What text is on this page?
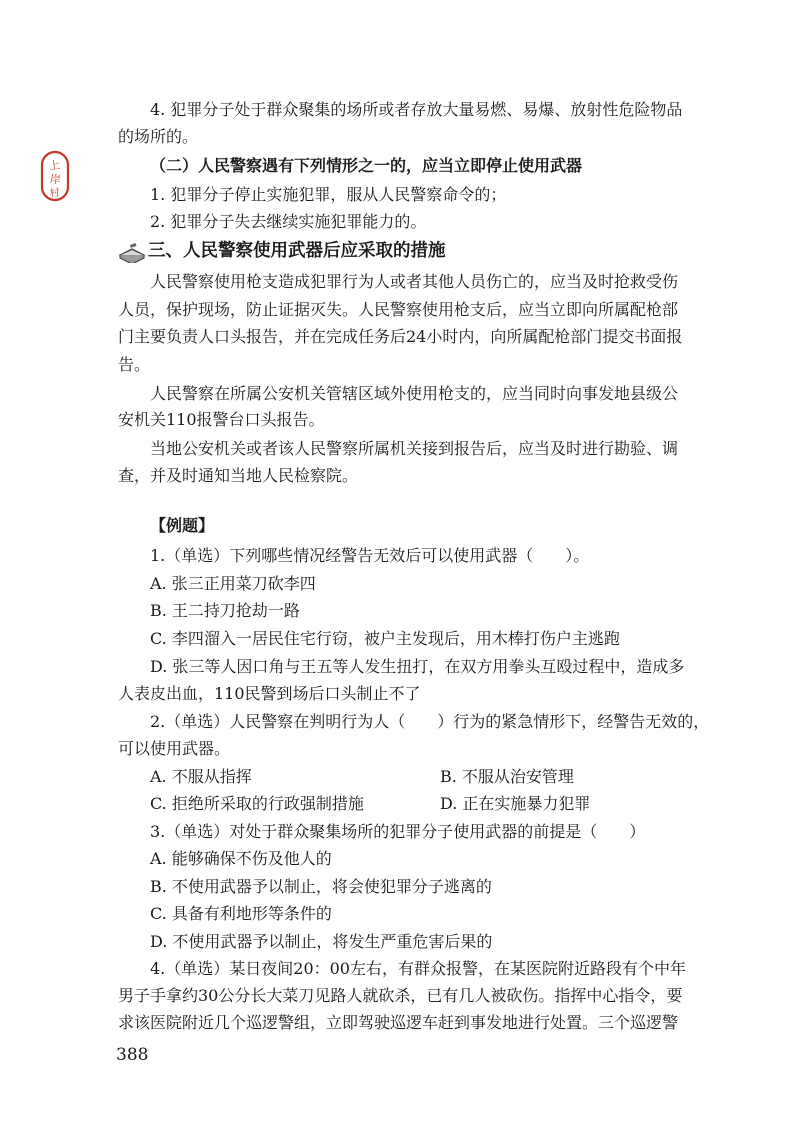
上
岸
村

4. 犯罪分子处于群众聚集的场所或者存放大量易燃、易爆、放射性危险物品

的场所的。

（二）人民警察遇有下列情形之一的，应当立即停止使用武器

1. 犯罪分子停止实施犯罪，服从人民警察命令的；

2. 犯罪分子失去继续实施犯罪能力的。

三、人民警察使用武器后应采取的措施

人民警察使用枪支造成犯罪行为人或者其他人员伤亡的，应当及时抢救受伤

人员，保护现场，防止证据灭失。人民警察使用枪支后，应当立即向所属配枪部

门主要负责人口头报告，并在完成任务后24小时内，向所属配枪部门提交书面报

告。

人民警察在所属公安机关管辖区域外使用枪支的，应当同时向事发地县级公

安机关110报警台口头报告。

当地公安机关或者该人民警察所属机关接到报告后，应当及时进行勘验、调

查，并及时通知当地人民检察院。

【例题】

1.（单选）下列哪些情况经警告无效后可以使用武器（　　）。

A. 张三正用菜刀砍李四

B. 王二持刀抢劫一路

C. 李四溜入一居民住宅行窃，被户主发现后，用木棒打伤户主逃跑

D. 张三等人因口角与王五等人发生扭打，在双方用拳头互殴过程中，造成多

人表皮出血，110民警到场后口头制止不了

2.（单选）人民警察在判明行为人（　　）行为的紧急情形下，经警告无效的，

可以使用武器。

A. 不服从指挥	B. 不服从治安管理

C. 拒绝所采取的行政强制措施	D. 正在实施暴力犯罪

3.（单选）对处于群众聚集场所的犯罪分子使用武器的前提是（　　）

A. 能够确保不伤及他人的

B. 不使用武器予以制止，将会使犯罪分子逃离的

C. 具备有利地形等条件的

D. 不使用武器予以制止，将发生严重危害后果的

4.（单选）某日夜间20：00左右，有群众报警，在某医院附近路段有个中年

男子手拿约30公分长大菜刀见路人就砍杀，已有几人被砍伤。指挥中心指令，要

求该医院附近几个巡逻警组，立即驾驶巡逻车赶到事发地进行处置。三个巡逻警

388
